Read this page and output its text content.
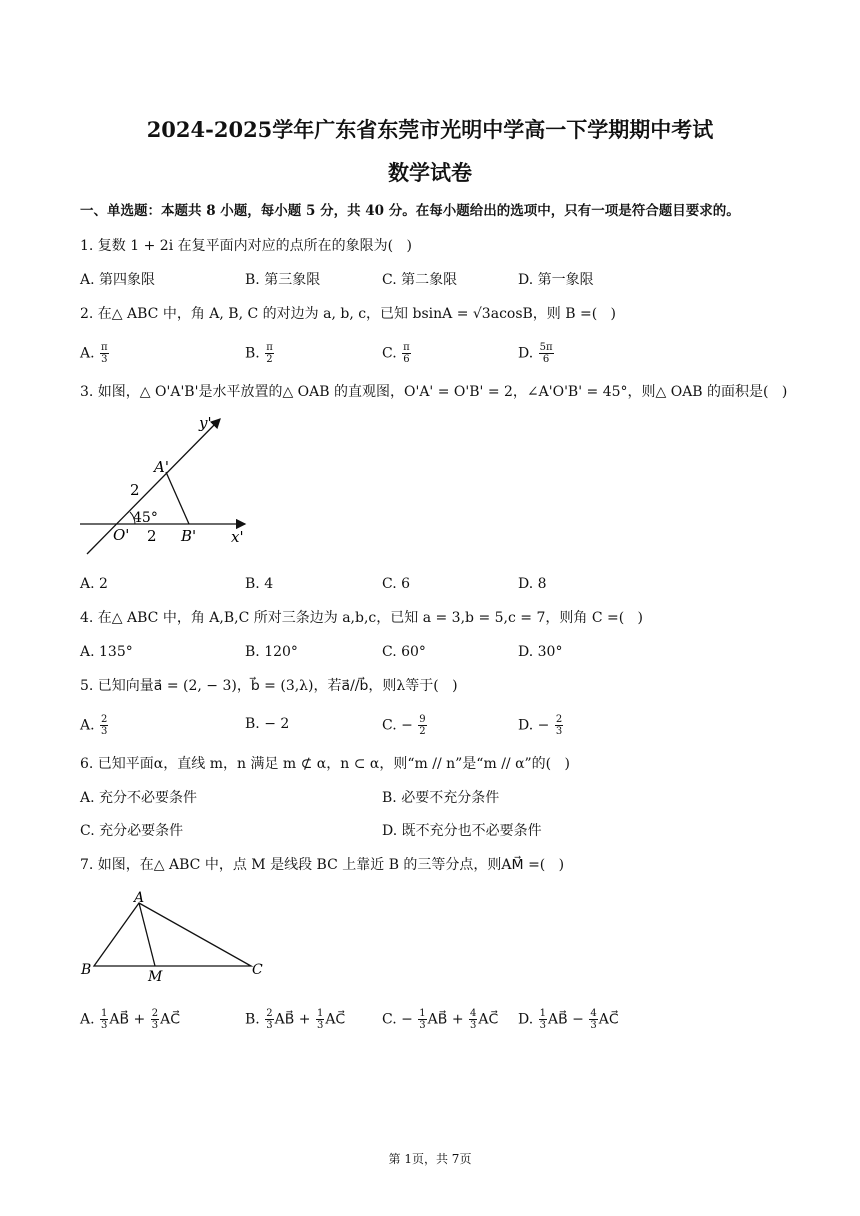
2024-2025学年广东省东莞市光明中学高一下学期期中考试
数学试卷
一、单选题：本题共 8 小题，每小题 5 分，共 40 分。在每小题给出的选项中，只有一项是符合题目要求的。
1. 复数 1 + 2i 在复平面内对应的点所在的象限为(   )
A. 第四象限	B. 第三象限	C. 第二象限	D. 第一象限
2. 在△ ABC 中，角 A, B, C 的对边为 a, b, c，已知 bsinA = √3acosB，则 B =(   )
A. $\frac{\pi}{3}$	B. $\frac{\pi}{2}$	C. $\frac{\pi}{6}$	D. $\frac{5\pi}{6}$
3. 如图，△ O'A'B'是水平放置的△ OAB 的直观图，O'A' = O'B' = 2，∠A'O'B' = 45°，则△ OAB 的面积是(   )
y'
A'
2
45°
O' 2 B' x'
A. 2	B. 4	C. 6	D. 8
4. 在△ ABC 中，角 A,B,C 所对三条边为 a,b,c，已知 a = 3,b = 5,c = 7，则角 C =(   )
A. 135°	B. 120°	C. 60°	D. 30°
5. 已知向量a⃗ = (2, − 3)，b⃗ = (3,λ)，若a⃗//b⃗，则λ等于(   )
A. $\frac{2}{3}$	B. − 2	C. − $\frac{9}{2}$	D. − $\frac{2}{3}$
6. 已知平面α，直线 m，n 满足 m ⊄ α，n ⊂ α，则“m // n”是“m // α”的(   )
A. 充分不必要条件	B. 必要不充分条件
C. 充分必要条件	D. 既不充分也不必要条件
7. 如图，在△ ABC 中，点 M 是线段 BC 上靠近 B 的三等分点，则AM⃗ =(   )
A
B	M	C
A. $\frac{1}{3}$ AB⃗ + $\frac{2}{3}$ AC⃗	B. $\frac{2}{3}$ AB⃗ + $\frac{1}{3}$ AC⃗	C. − $\frac{1}{3}$ AB⃗ + $\frac{4}{3}$ AC⃗ D. $\frac{1}{3}$ AB⃗ − $\frac{4}{3}$ AC⃗
第 1页，共 7页
